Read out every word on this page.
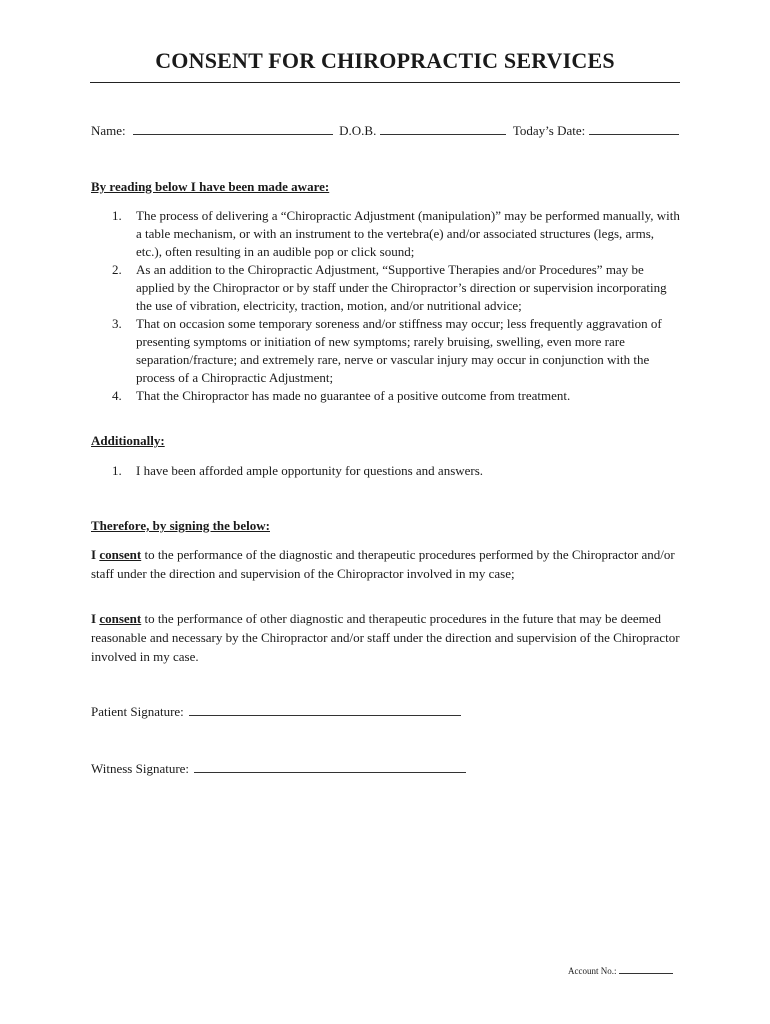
CONSENT FOR CHIROPRACTIC SERVICES
Name:	D.O.B.	Today’s Date:
By reading below I have been made aware:
1. The process of delivering a “Chiropractic Adjustment (manipulation)” may be performed manually, with a table mechanism, or with an instrument to the vertebra(e) and/or associated structures (legs, arms, etc.), often resulting in an audible pop or click sound;
2. As an addition to the Chiropractic Adjustment, “Supportive Therapies and/or Procedures” may be applied by the Chiropractor or by staff under the Chiropractor’s direction or supervision incorporating the use of vibration, electricity, traction, motion, and/or nutritional advice;
3. That on occasion some temporary soreness and/or stiffness may occur; less frequently aggravation of presenting symptoms or initiation of new symptoms; rarely bruising, swelling, even more rare separation/fracture; and extremely rare, nerve or vascular injury may occur in conjunction with the process of a Chiropractic Adjustment;
4. That the Chiropractor has made no guarantee of a positive outcome from treatment.
Additionally:
1. I have been afforded ample opportunity for questions and answers.
Therefore, by signing the below:

I consent to the performance of the diagnostic and therapeutic procedures performed by the Chiropractor and/or staff under the direction and supervision of the Chiropractor involved in my case;

I consent to the performance of other diagnostic and therapeutic procedures in the future that may be deemed reasonable and necessary by the Chiropractor and/or staff under the direction and supervision of the Chiropractor involved in my case.

Patient Signature:
Witness Signature:
Account No.:
